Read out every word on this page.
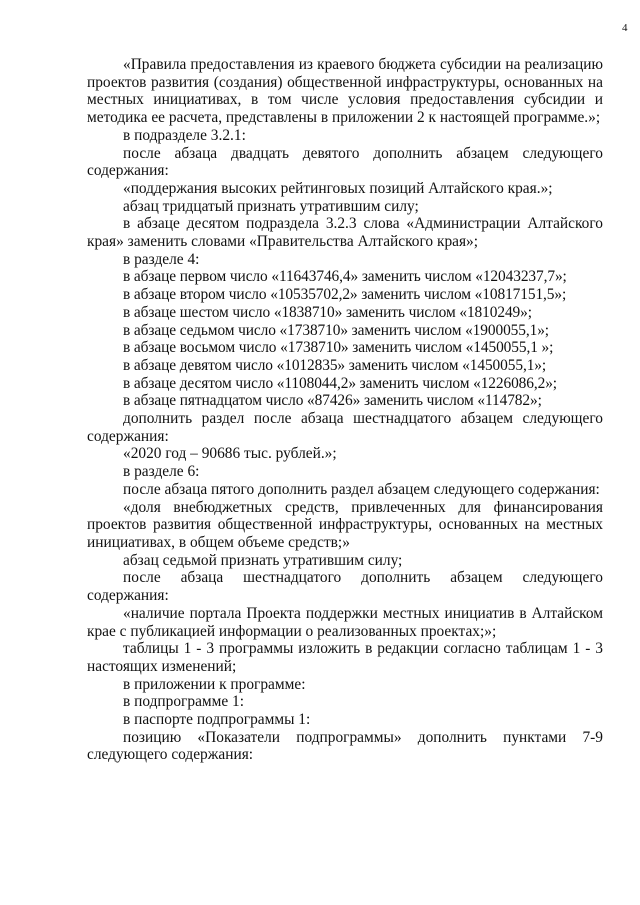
4

«Правила предоставления из краевого бюджета субсидии на реализацию проектов развития (создания) общественной инфраструктуры, основанных на местных инициативах, в том числе условия предоставления субсидии и методика ее расчета, представлены в приложении 2 к настоящей программе.»;

в подразделе 3.2.1:

после абзаца двадцать девятого дополнить абзацем следующего содержания:

«поддержания высоких рейтинговых позиций Алтайского края.»;

абзац тридцатый признать утратившим силу;

в абзаце десятом подраздела 3.2.3 слова «Администрации Алтайского края» заменить словами «Правительства Алтайского края»;

в разделе 4:

в абзаце первом число «11643746,4» заменить числом «12043237,7»;

в абзаце втором число «10535702,2» заменить числом «10817151,5»;

в абзаце шестом число «1838710» заменить числом «1810249»;

в абзаце седьмом число «1738710» заменить числом «1900055,1»;

в абзаце восьмом число «1738710» заменить числом «1450055,1 »;

в абзаце девятом число «1012835» заменить числом «1450055,1»;

в абзаце десятом число «1108044,2» заменить числом «1226086,2»;

в абзаце пятнадцатом число «87426» заменить числом «114782»;

дополнить раздел после абзаца шестнадцатого абзацем следующего содержания:

«2020 год – 90686 тыс. рублей.»;

в разделе 6:

после абзаца пятого дополнить раздел абзацем следующего содержания:

«доля внебюджетных средств, привлеченных для финансирования проектов развития общественной инфраструктуры, основанных на местных инициативах, в общем объеме средств;»

абзац седьмой признать утратившим силу;

после абзаца шестнадцатого дополнить абзацем следующего содержания:

«наличие портала Проекта поддержки местных инициатив в Алтайском крае с публикацией информации о реализованных проектах;»;

таблицы 1 - 3 программы изложить в редакции согласно таблицам 1 - 3 настоящих изменений;

в приложении к программе:

в подпрограмме 1:

в паспорте подпрограммы 1:

позицию «Показатели подпрограммы» дополнить пунктами 7-9 следующего содержания:
